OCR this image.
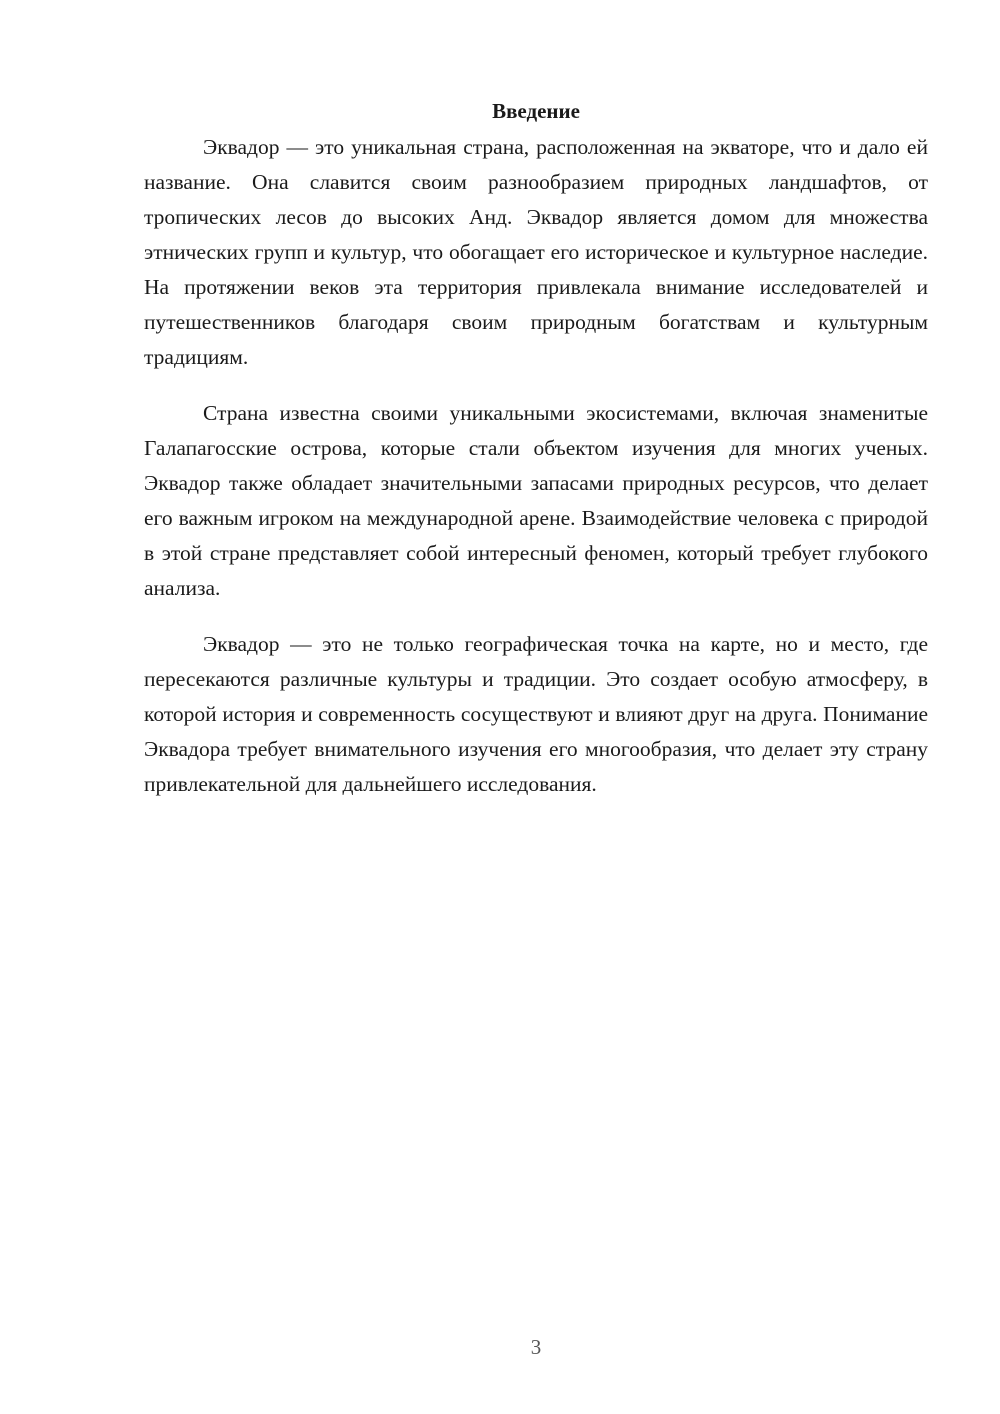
Введение

Эквадор — это уникальная страна, расположенная на экваторе, что и дало ей название. Она славится своим разнообразием природных ландшафтов, от тропических лесов до высоких Анд. Эквадор является домом для множества этнических групп и культур, что обогащает его историческое и культурное наследие. На протяжении веков эта территория привлекала внимание исследователей и путешественников благодаря своим природным богатствам и культурным традициям.

Страна известна своими уникальными экосистемами, включая знаменитые Галапагосские острова, которые стали объектом изучения для многих ученых. Эквадор также обладает значительными запасами природных ресурсов, что делает его важным игроком на международной арене. Взаимодействие человека с природой в этой стране представляет собой интересный феномен, который требует глубокого анализа.

Эквадор — это не только географическая точка на карте, но и место, где пересекаются различные культуры и традиции. Это создает особую атмосферу, в которой история и современность сосуществуют и влияют друг на друга. Понимание Эквадора требует внимательного изучения его многообразия, что делает эту страну привлекательной для дальнейшего исследования.

3
